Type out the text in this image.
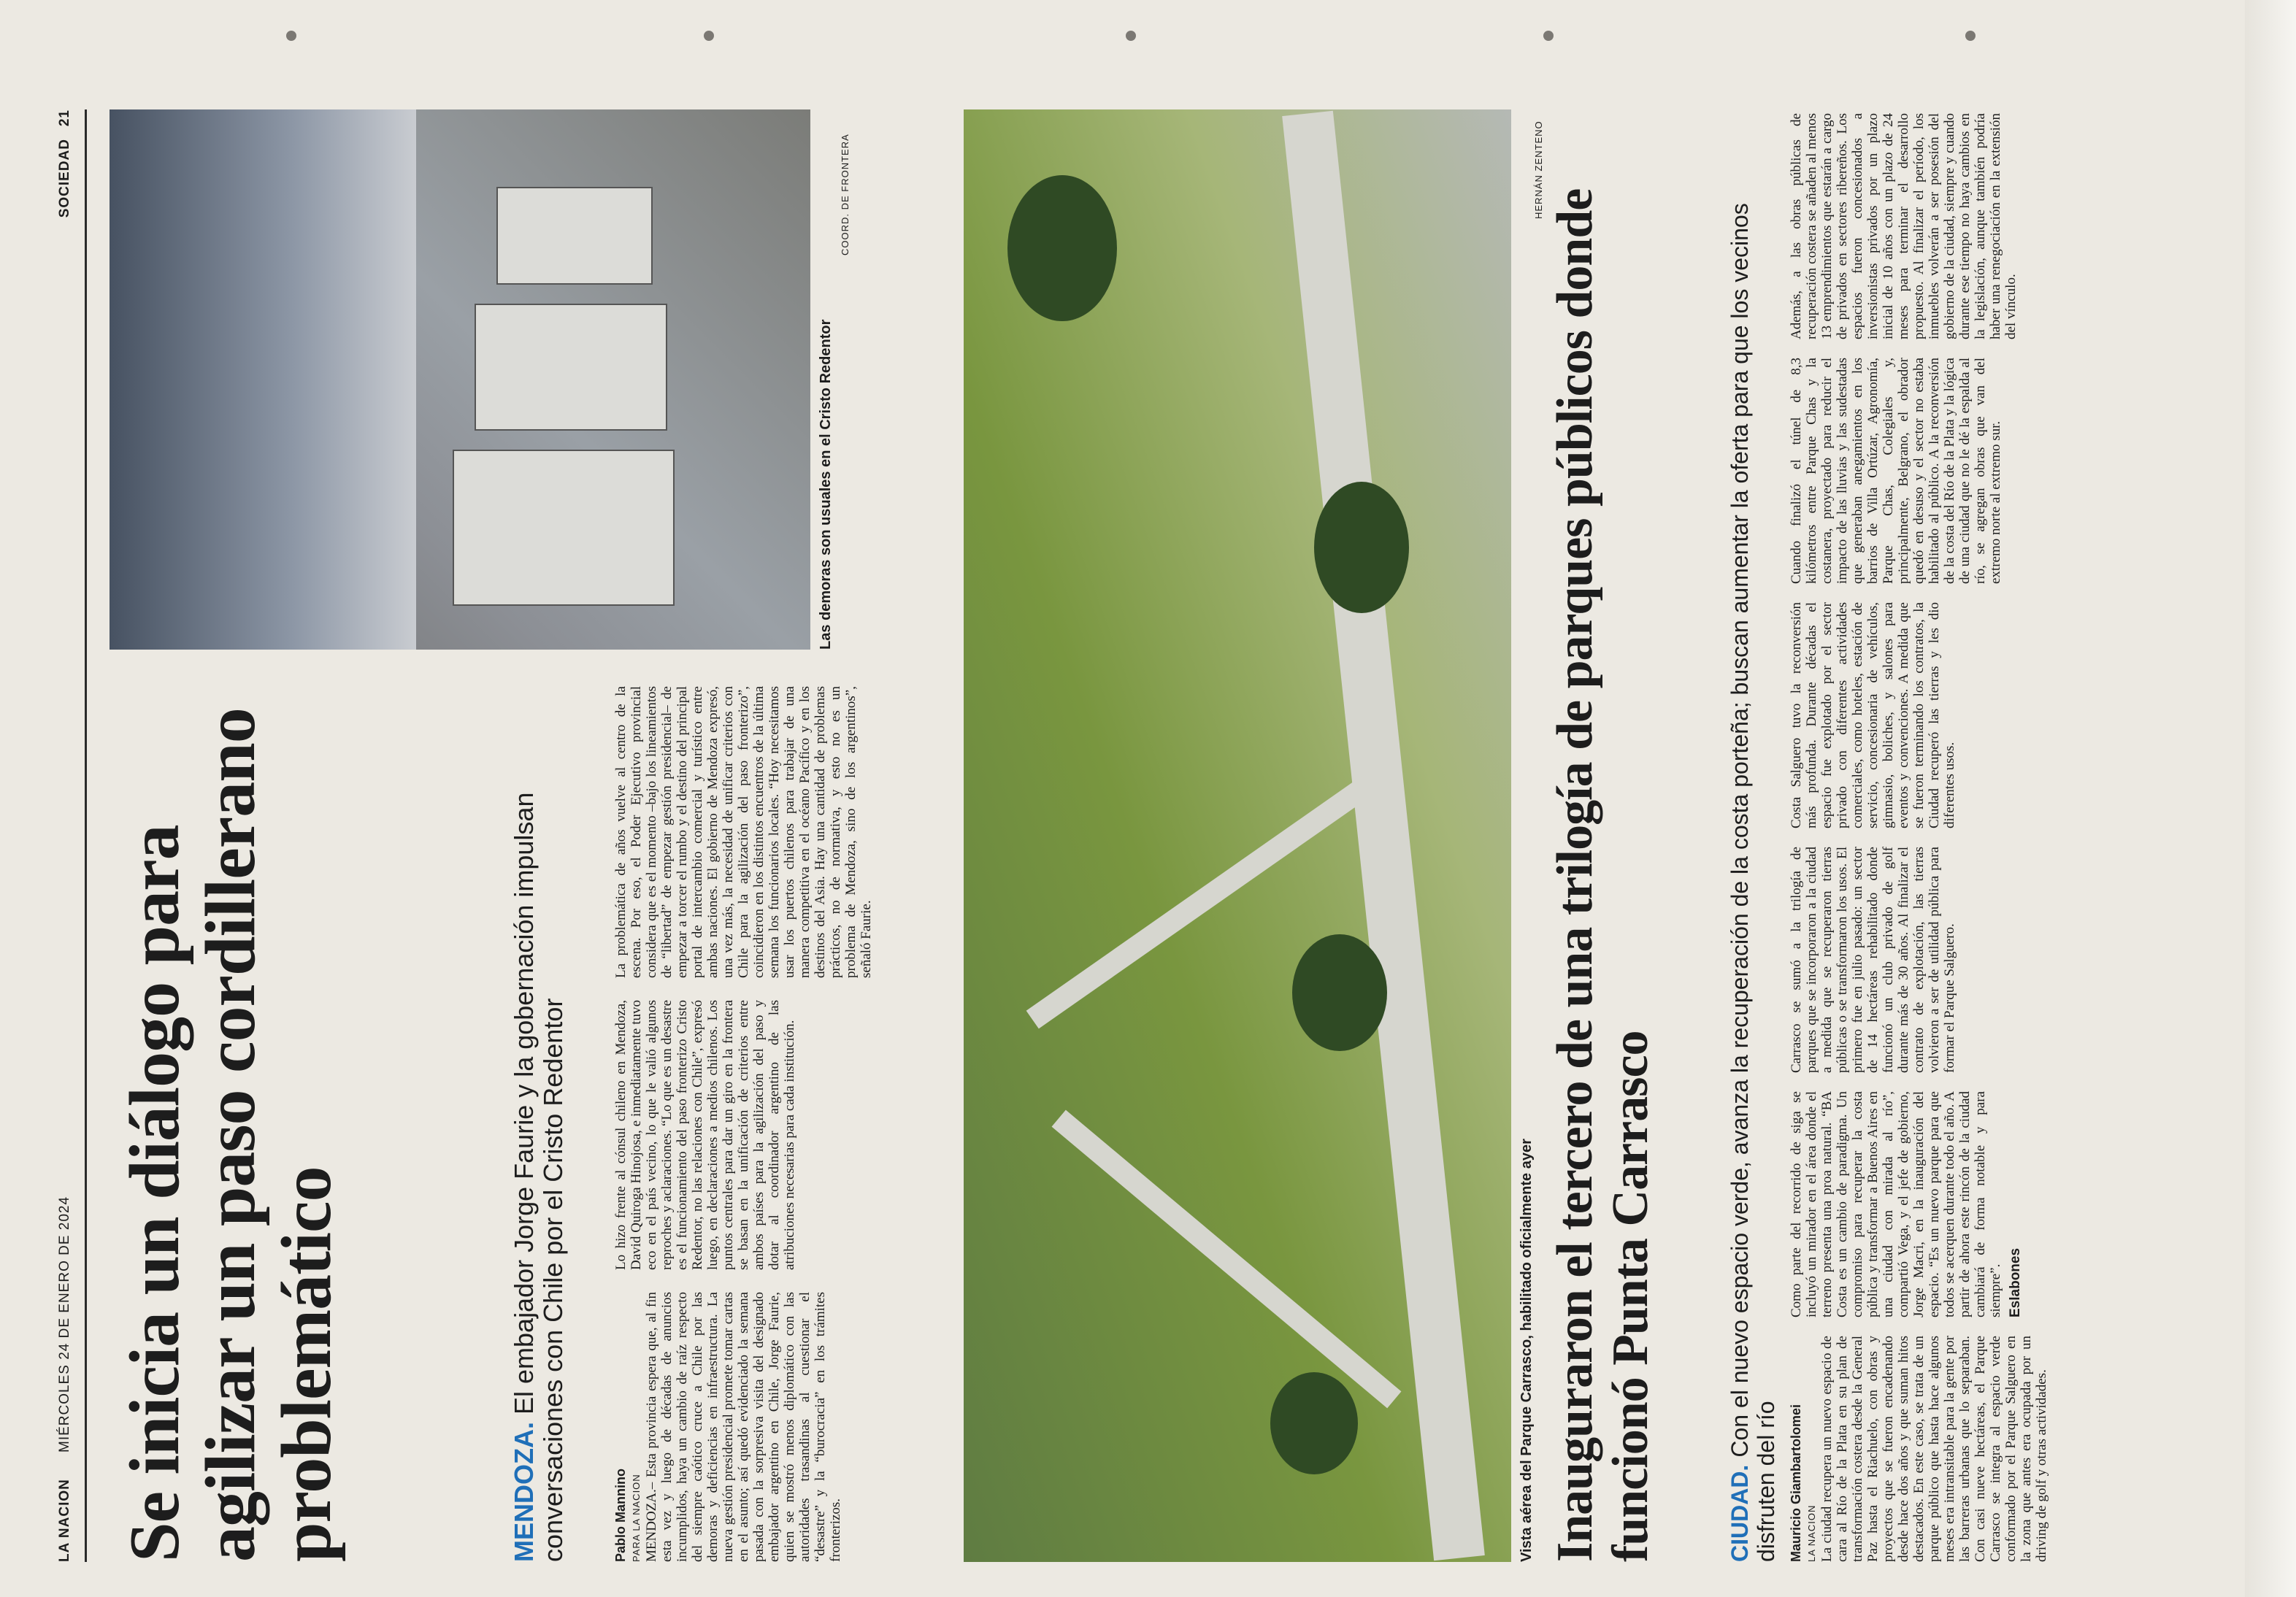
LA NACION
MIÉRCOLES 24 DE ENERO DE 2024
SOCIEDAD
21
Se inicia un diálogo para agilizar un paso cordillerano problemático	MENDOZA.El embajador Jorge Faurie y la gobernación impulsan conversaciones con Chile por el Cristo Redentor	Pablo Mannino PARA LA NACION MENDOZA.– Esta provincia espera que, al fin esta vez y luego de décadas de anuncios incumplidos, haya un cambio de raíz respecto del siempre caótico cruce a Chile por las demoras y deficiencias en infraestructura. La nueva gestión presidencial promete tomar cartas en el asunto; así quedó evidenciado la semana pasada con la sorpresiva visita del designado embajador argentino en Chile, Jorge Faurie, quien se mostró menos diplomático con las autoridades trasandinas al cuestionar el “desastre” y la “burocracia” en los trámites fronterizos.
Lo hizo frente al cónsul chileno en Mendoza, David Quiroga Hinojosa, e inmediatamente tuvo eco en el país vecino, lo que le valió algunos reproches y aclaraciones. “Lo que es un desastre es el funcionamiento del paso fronterizo Cristo Redentor, no las relaciones con Chile”, expresó luego, en declaraciones a medios chilenos. Los puntos centrales para dar un giro en la frontera se basan en la unificación de criterios entre ambos países para la agilización del paso y dotar al coordinador argentino de las atribuciones necesarias para cada institución.
La problemática de años vuelve al centro de la escena. Por eso, el Poder Ejecutivo provincial considera que es el momento –bajo los lineamientos de “libertad” de empezar gestión presidencial– de empezar a torcer el rumbo y el destino del principal portal de intercambio comercial y turístico entre ambas naciones. El gobierno de Mendoza expresó, una vez más, la necesidad de unificar criterios con Chile para la agilización del paso fronterizo”, coincidieron en los distintos encuentros de la última semana los funcionarios locales. “Hoy necesitamos usar los puertos chilenos para trabajar de una manera competitiva en el océano Pacífico y en los destinos del Asia. Hay una cantidad de problemas prácticos, no de normativa, y esto no es un problema de Mendoza, sino de los argentinos”, señaló Faurie.
Las demoras son usuales en el Cristo Redentor
COORD. DE FRONTERA
Vista aérea del Parque Carrasco, habilitado oficialmente ayer
HERNÁN ZENTENO
Inauguraron el tercero de una trilogía de parques públicos donde funcionó Punta Carrasco	CIUDAD.Con el nuevo espacio verde, avanza la recuperación de la costa porteña; buscan aumentar la oferta para que los vecinos disfruten del río Mauricio Giambartolomei LA NACION La ciudad recupera un nuevo espacio de cara al Río de la Plata en su plan de transformación costera desde la General Paz hasta el Riachuelo, con obras y proyectos que se fueron encadenando desde hace dos años y que suman hitos destacados. En este caso, se trata de un parque público que hasta hace algunos meses era intransitable para la gente por las barreras urbanas que lo separaban. Con casi nueve hectáreas, el Parque Carrasco se integra al espacio verde conformado por el Parque Salguero en la zona que antes era ocupada por un driving de golf y otras actividades.
Como parte del recorrido de siga se incluyó un mirador en el área donde el terreno presenta una proa natural. “BA Costa es un cambio de paradigma. Un compromiso para recuperar la costa pública y transformar a Buenos Aires en una ciudad con mirada al río”, compartió Vega, y el jefe de gobierno, Jorge Macri, en la inauguración del espacio. “Es un nuevo parque para que todos se acerquen durante todo el año. A partir de ahora este rincón de la ciudad cambiará de forma notable y para siempre”. Eslabones
Carrasco se sumó a la trilogía de parques que se incorporaron a la ciudad a medida que se recuperaron tierras públicas o se transformaron los usos. El primero fue en julio pasado: un sector de 14 hectáreas rehabilitado donde funcionó un club privado de golf durante más de 30 años. Al finalizar el contrato de explotación, las tierras volvieron a ser de utilidad pública para formar el Parque Salguero.
Costa Salguero tuvo la reconversión más profunda. Durante décadas el espacio fue explotado por el sector privado con diferentes actividades comerciales, como hoteles, estación de servicio, concesionaria de vehículos, gimnasio, boliches, y salones para eventos y convenciones. A medida que se fueron terminando los contratos, la Ciudad recuperó las tierras y les dio diferentes usos.
Cuando finalizó el túnel de 8,3 kilómetros entre Parque Chas y la costanera, proyectado para reducir el impacto de las lluvias y las sudestadas que generaban anegamientos en los barrios de Villa Ortúzar, Agronomía, Parque Chas, Colegiales y, principalmente, Belgrano, el obrador quedó en desuso y el sector no estaba habilitado al público. A la reconversión de la costa del Río de la Plata y la lógica de una ciudad que no le dé la espalda al río, se agregan obras que van del extremo norte al extremo sur.
Además, a las obras públicas de recuperación costera se añaden al menos 13 emprendimientos que estarán a cargo de privados en sectores ribereños. Los espacios fueron concesionados a inversionistas privados por un plazo inicial de 10 años con un plazo de 24 meses para terminar el desarrollo propuesto. Al finalizar el período, los inmuebles volverán a ser posesión del gobierno de la ciudad, siempre y cuando durante ese tiempo no haya cambios en la legislación, aunque también podría haber una renegociación en la extensión del vínculo.
